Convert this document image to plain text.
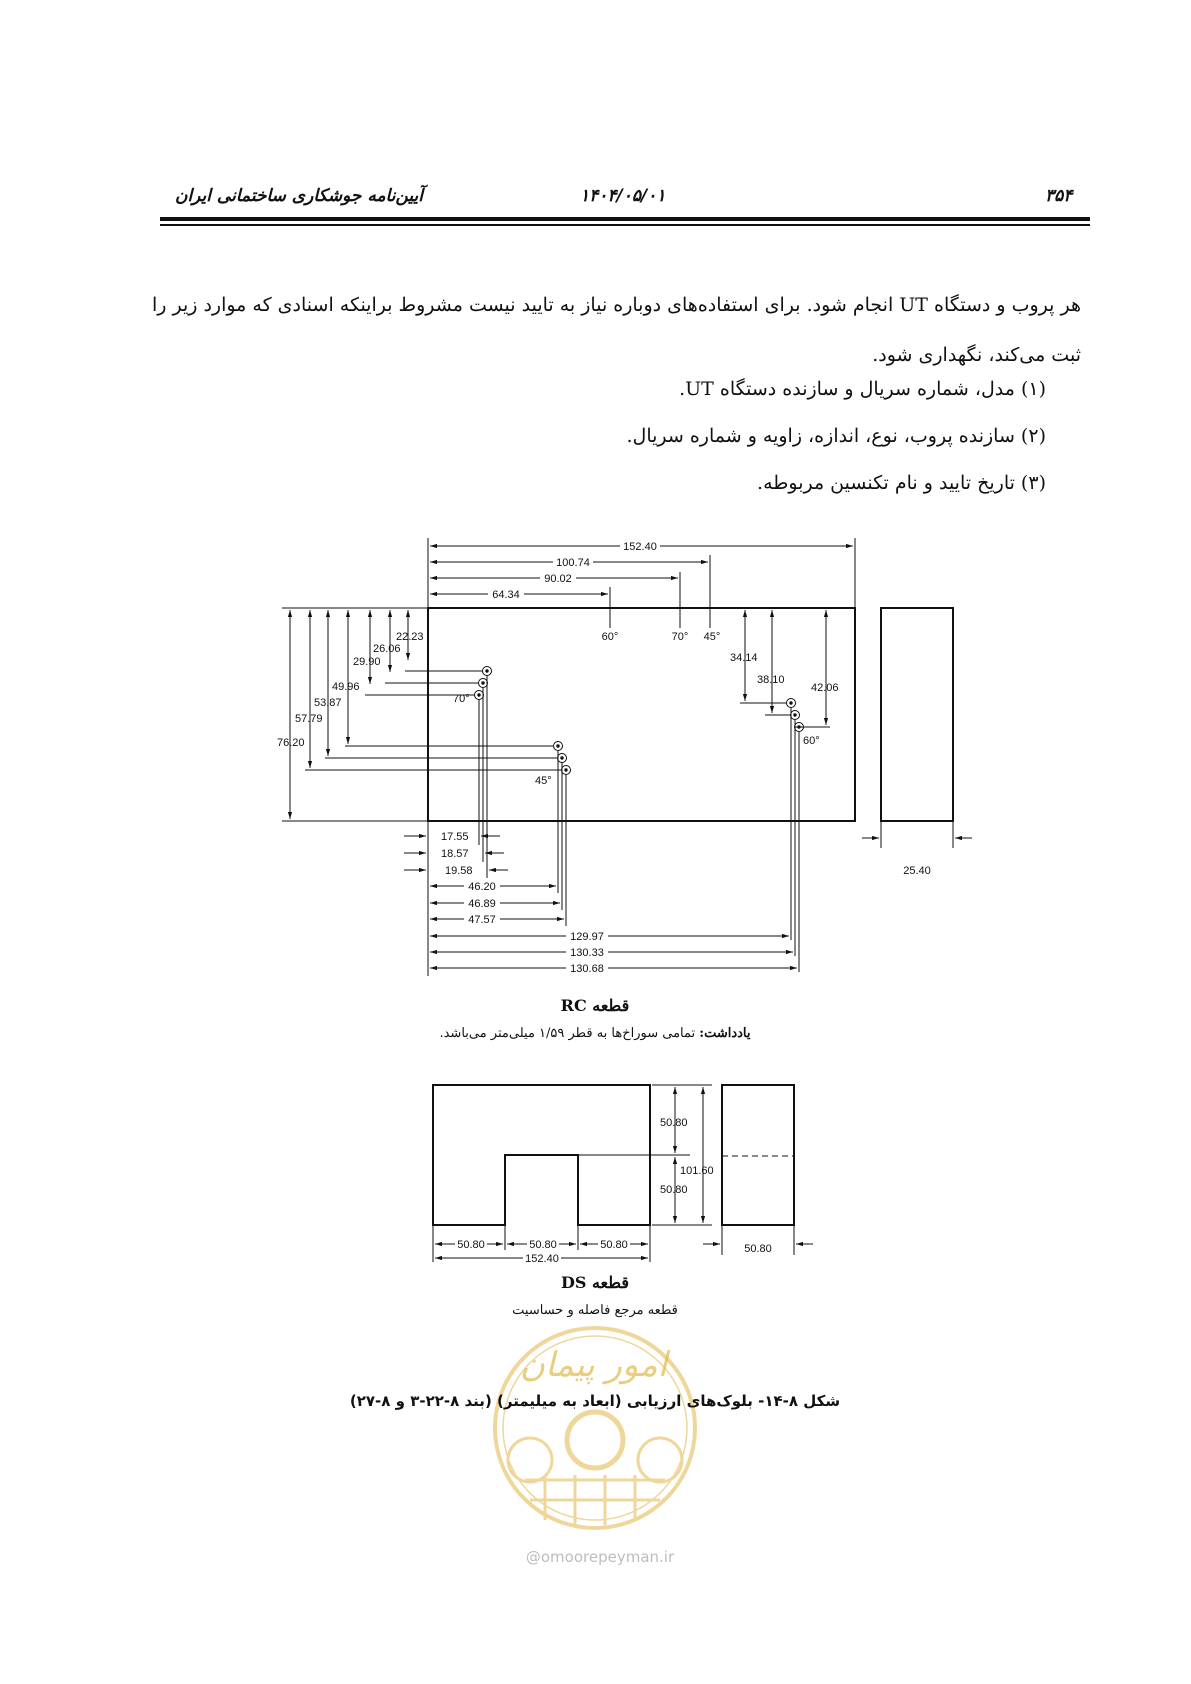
۳۵۴
۱۴۰۴/۰۵/۰۱
آیین‌نامه جوشکاری ساختمانی ایران
هر پروب و دستگاه UT انجام شود. برای استفاده‌های دوباره نیاز به تایید نیست مشروط براینکه اسنادی که موارد زیر را
ثبت می‌کند، نگهداری شود.
(۱) مدل، شماره سریال و سازنده دستگاه UT.
(۲) سازنده پروب، نوع، اندازه، زاویه و شماره سریال.
(۳) تاریخ تایید و نام تکنسین مربوطه.
152.40
100.74
90.02
64.34
60°	70° 45°
22.23
26.06
29.90
49.96
53.87
57.79
76.20
34.14
38.10
42.06
70°
45°
60°
17.55
18.57
19.58
46.20
46.89
47.57
129.97
130.33
130.68
25.40
50.80
101.60
50.80
50.80	50.80	50.80
152.40
50.80
قطعه RC
یادداشت: تمامی سوراخ‌ها به قطر ۱/۵۹ میلی‌متر می‌باشد.
قطعه DS
قطعه مرجع فاصله و حساسیت
امور پیمان
شکل ۸-۱۴- بلوک‌های ارزیابی (ابعاد به میلیمتر) (بند ۸-۲۲-۳ و ۸-۲۷)
@omoorepeyman.ir
